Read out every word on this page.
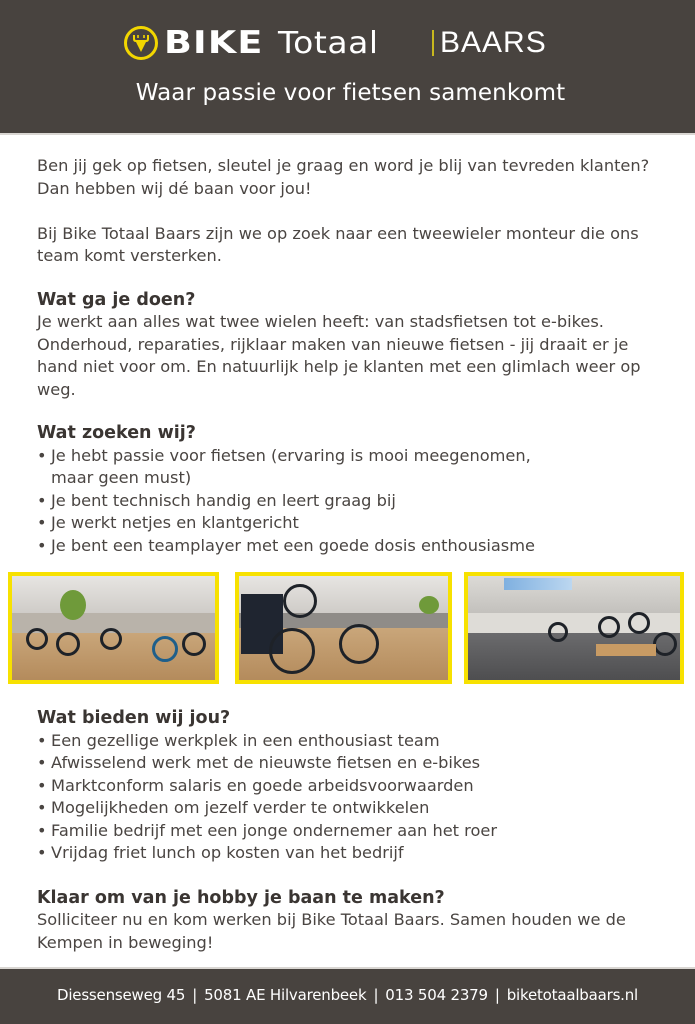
BIKE Totaal	BAARS
Waar passie voor fietsen samenkomt

Ben jij gek op fietsen, sleutel je graag en word je blij van tevreden klanten? Dan hebben wij dé baan voor jou!

Bij Bike Totaal Baars zijn we op zoek naar een tweewieler monteur die ons team komt versterken.

Wat ga je doen?

Je werkt aan alles wat twee wielen heeft: van stadsfietsen tot e-bikes. Onderhoud, reparaties, rijklaar maken van nieuwe fietsen - jij draait er je hand niet voor om. En natuurlijk help je klanten met een glimlach weer op weg.

Wat zoeken wij?
• Je hebt passie voor fietsen (ervaring is mooi meegenomen, maar geen must)
• Je bent technisch handig en leert graag bij
• Je werkt netjes en klantgericht
• Je bent een teamplayer met een goede dosis enthousiasme
Wat bieden wij jou?
• Een gezellige werkplek in een enthousiast team
• Afwisselend werk met de nieuwste fietsen en e-bikes
• Marktconform salaris en goede arbeidsvoorwaarden
• Mogelijkheden om jezelf verder te ontwikkelen
• Familie bedrijf met een jonge ondernemer aan het roer
• Vrijdag friet lunch op kosten van het bedrijf
Klaar om van je hobby je baan te maken?

Solliciteer nu en kom werken bij Bike Totaal Baars. Samen houden we de Kempen in beweging!

Diessenseweg 45 | 5081 AE Hilvarenbeek | 013 504 2379 | biketotaalbaars.nl
